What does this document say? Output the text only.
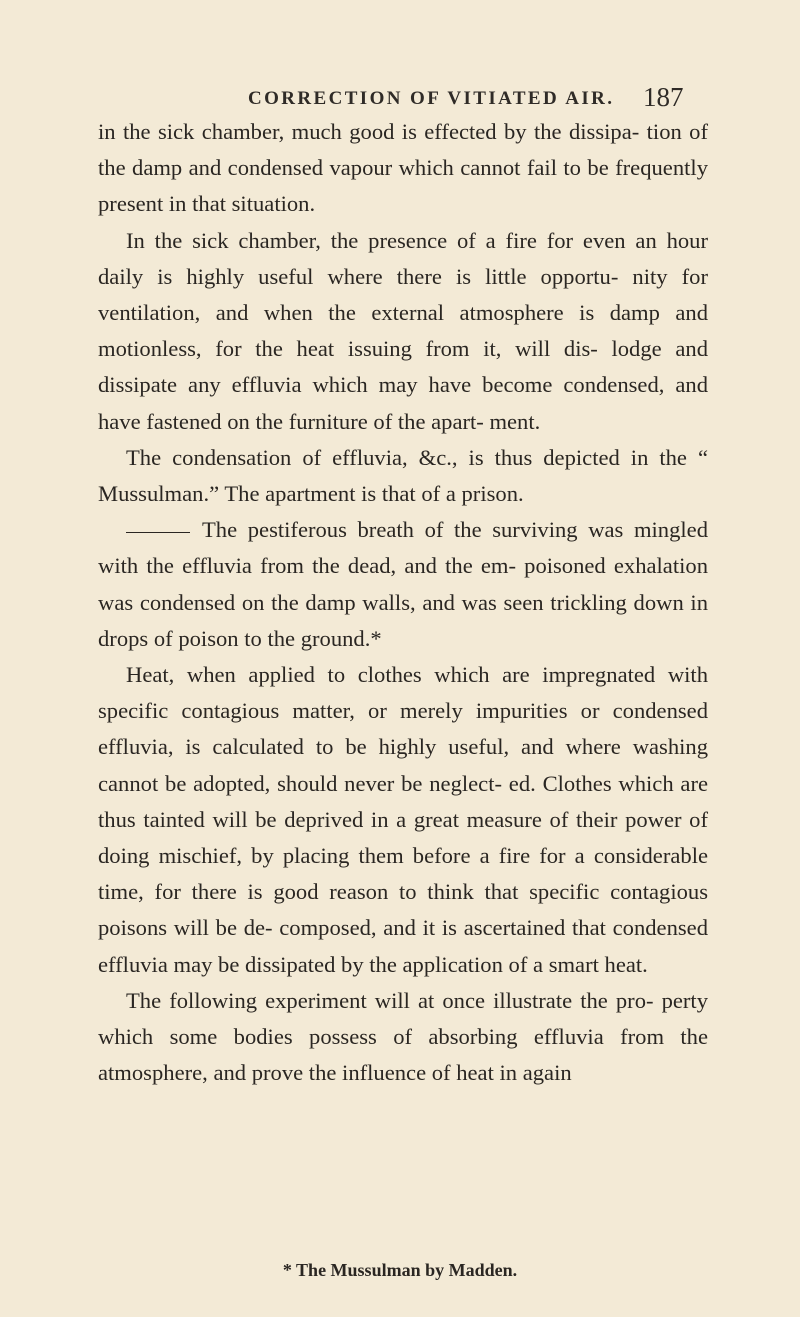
CORRECTION OF VITIATED AIR. 187

in the sick chamber, much good is effected by the dissipa- tion of the damp and condensed vapour which cannot fail to be frequently present in that situation.

In the sick chamber, the presence of a fire for even an hour daily is highly useful where there is little opportu- nity for ventilation, and when the external atmosphere is damp and motionless, for the heat issuing from it, will dis- lodge and dissipate any effluvia which may have become condensed, and have fastened on the furniture of the apart- ment.

The condensation of effluvia, &c., is thus depicted in the “ Mussulman.” The apartment is that of a prison.

The pestiferous breath of the surviving was mingled with the effluvia from the dead, and the em- poisoned exhalation was condensed on the damp walls, and was seen trickling down in drops of poison to the ground.*

Heat, when applied to clothes which are impregnated with specific contagious matter, or merely impurities or condensed effluvia, is calculated to be highly useful, and where washing cannot be adopted, should never be neglect- ed. Clothes which are thus tainted will be deprived in a great measure of their power of doing mischief, by placing them before a fire for a considerable time, for there is good reason to think that specific contagious poisons will be de- composed, and it is ascertained that condensed effluvia may be dissipated by the application of a smart heat.

The following experiment will at once illustrate the pro- perty which some bodies possess of absorbing effluvia from the atmosphere, and prove the influence of heat in again

* The Mussulman by Madden.
